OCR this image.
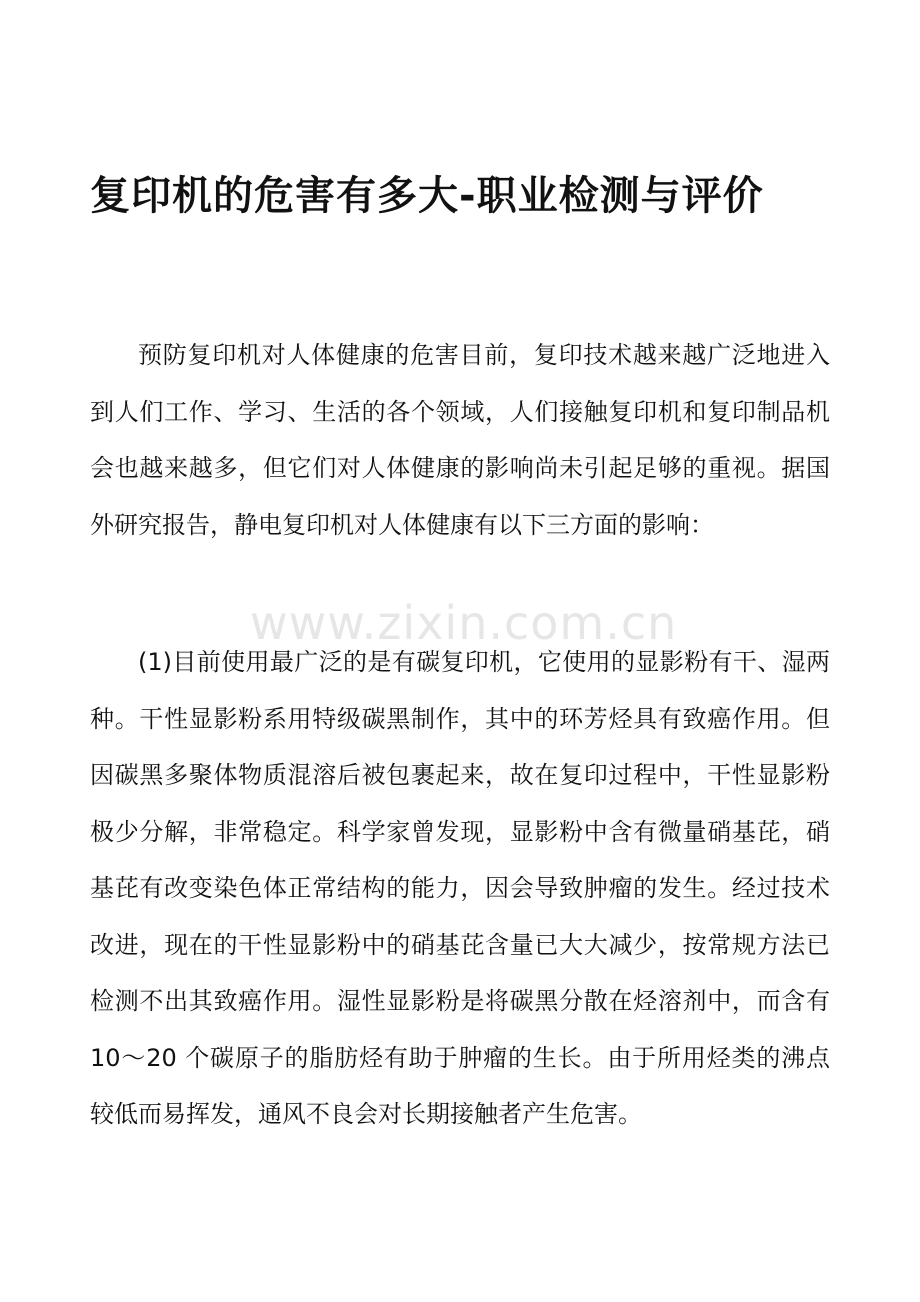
复印机的危害有多大-职业检测与评价

预防复印机对人体健康的危害目前，复印技术越来越广泛地进入到人们工作、学习、生活的各个领域，人们接触复印机和复印制品机会也越来越多，但它们对人体健康的影响尚未引起足够的重视。据国外研究报告，静电复印机对人体健康有以下三方面的影响：

(1)目前使用最广泛的是有碳复印机，它使用的显影粉有干、湿两种。干性显影粉系用特级碳黑制作，其中的环芳烃具有致癌作用。但因碳黑多聚体物质混溶后被包裹起来，故在复印过程中，干性显影粉极少分解，非常稳定。科学家曾发现，显影粉中含有微量硝基芘，硝基芘有改变染色体正常结构的能力，因会导致肿瘤的发生。经过技术改进，现在的干性显影粉中的硝基芘含量已大大减少，按常规方法已检测不出其致癌作用。湿性显影粉是将碳黑分散在烃溶剂中，而含有 10～20 个碳原子的脂肪烃有助于肿瘤的生长。由于所用烃类的沸点较低而易挥发，通风不良会对长期接触者产生危害。

www.zixin.com.cn
